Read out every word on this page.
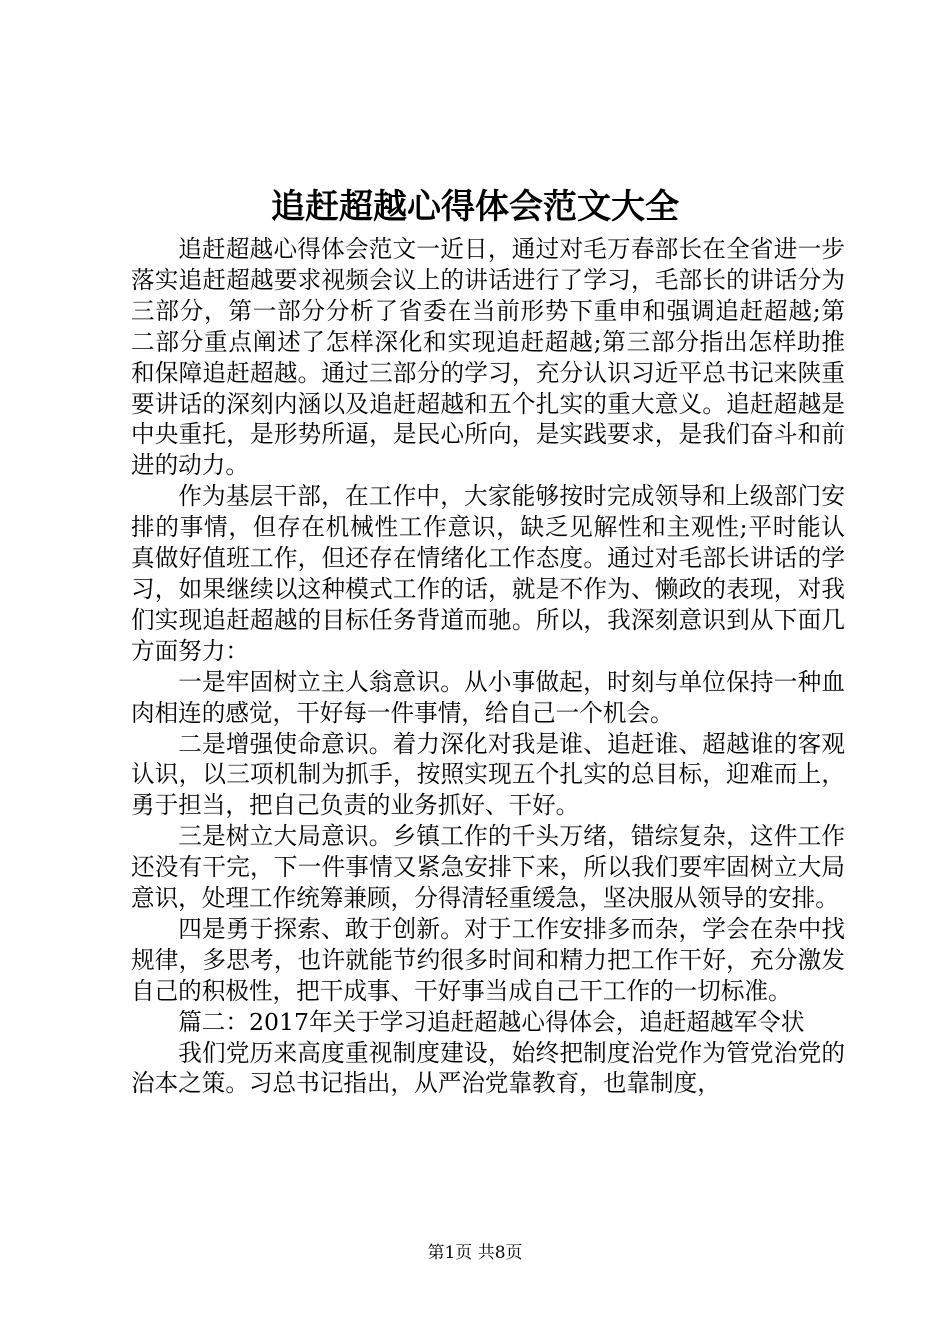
追赶超越心得体会范文大全

追赶超越心得体会范文一近日，通过对毛万春部长在全省进一步落实追赶超越要求视频会议上的讲话进行了学习，毛部长的讲话分为三部分，第一部分分析了省委在当前形势下重申和强调追赶超越;第二部分重点阐述了怎样深化和实现追赶超越;第三部分指出怎样助推和保障追赶超越。通过三部分的学习，充分认识习近平总书记来陕重要讲话的深刻内涵以及追赶超越和五个扎实的重大意义。追赶超越是中央重托，是形势所逼，是民心所向，是实践要求，是我们奋斗和前进的动力。

作为基层干部，在工作中，大家能够按时完成领导和上级部门安排的事情，但存在机械性工作意识，缺乏见解性和主观性;平时能认真做好值班工作，但还存在情绪化工作态度。通过对毛部长讲话的学习，如果继续以这种模式工作的话，就是不作为、懒政的表现，对我们实现追赶超越的目标任务背道而驰。所以，我深刻意识到从下面几方面努力：

一是牢固树立主人翁意识。从小事做起，时刻与单位保持一种血肉相连的感觉，干好每一件事情，给自己一个机会。

二是增强使命意识。着力深化对我是谁、追赶谁、超越谁的客观认识，以三项机制为抓手，按照实现五个扎实的总目标，迎难而上，勇于担当，把自己负责的业务抓好、干好。

三是树立大局意识。乡镇工作的千头万绪，错综复杂，这件工作还没有干完，下一件事情又紧急安排下来，所以我们要牢固树立大局意识，处理工作统筹兼顾，分得清轻重缓急，坚决服从领导的安排。

四是勇于探索、敢于创新。对于工作安排多而杂，学会在杂中找规律，多思考，也许就能节约很多时间和精力把工作干好，充分激发自己的积极性，把干成事、干好事当成自己干工作的一切标准。

篇二：2017年关于学习追赶超越心得体会，追赶超越军令状

我们党历来高度重视制度建设，始终把制度治党作为管党治党的治本之策。习总书记指出，从严治党靠教育，也靠制度，

第1页 共8页
